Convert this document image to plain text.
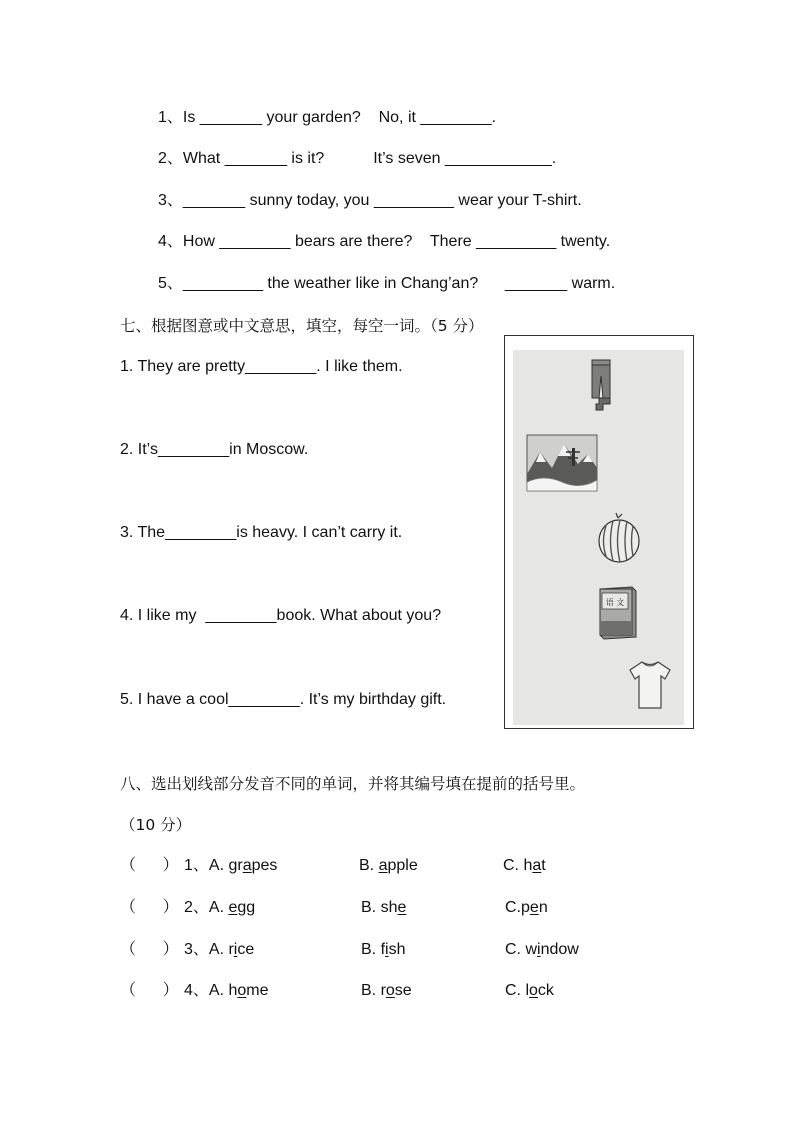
1、Is _______ your garden?    No, it ________.
2、What _______ is it?           It’s seven ____________.
3、_______ sunny today, you _________ wear your T-shirt.
4、How ________ bears are there?    There _________ twenty.
5、_________ the weather like in Chang’an?      _______ warm.
七、根据图意或中文意思，填空，每空一词。（5 分）
1. They are pretty________. I like them.
2. It’s________in Moscow.
3. The________is heavy. I can’t carry it.
4. I like my  ________book. What about you?
5. I have a cool________. It’s my birthday gift.
语 文
八、选出划线部分发音不同的单词，并将其编号填在提前的括号里。
（10 分）
（      ） 1、A. grapes	B. apple	C. hat
（      ） 2、A. egg	B. she	C.pen
（      ） 3、A. rice	B. fish	C. window
（      ） 4、A. home	B. rose	C. lock
